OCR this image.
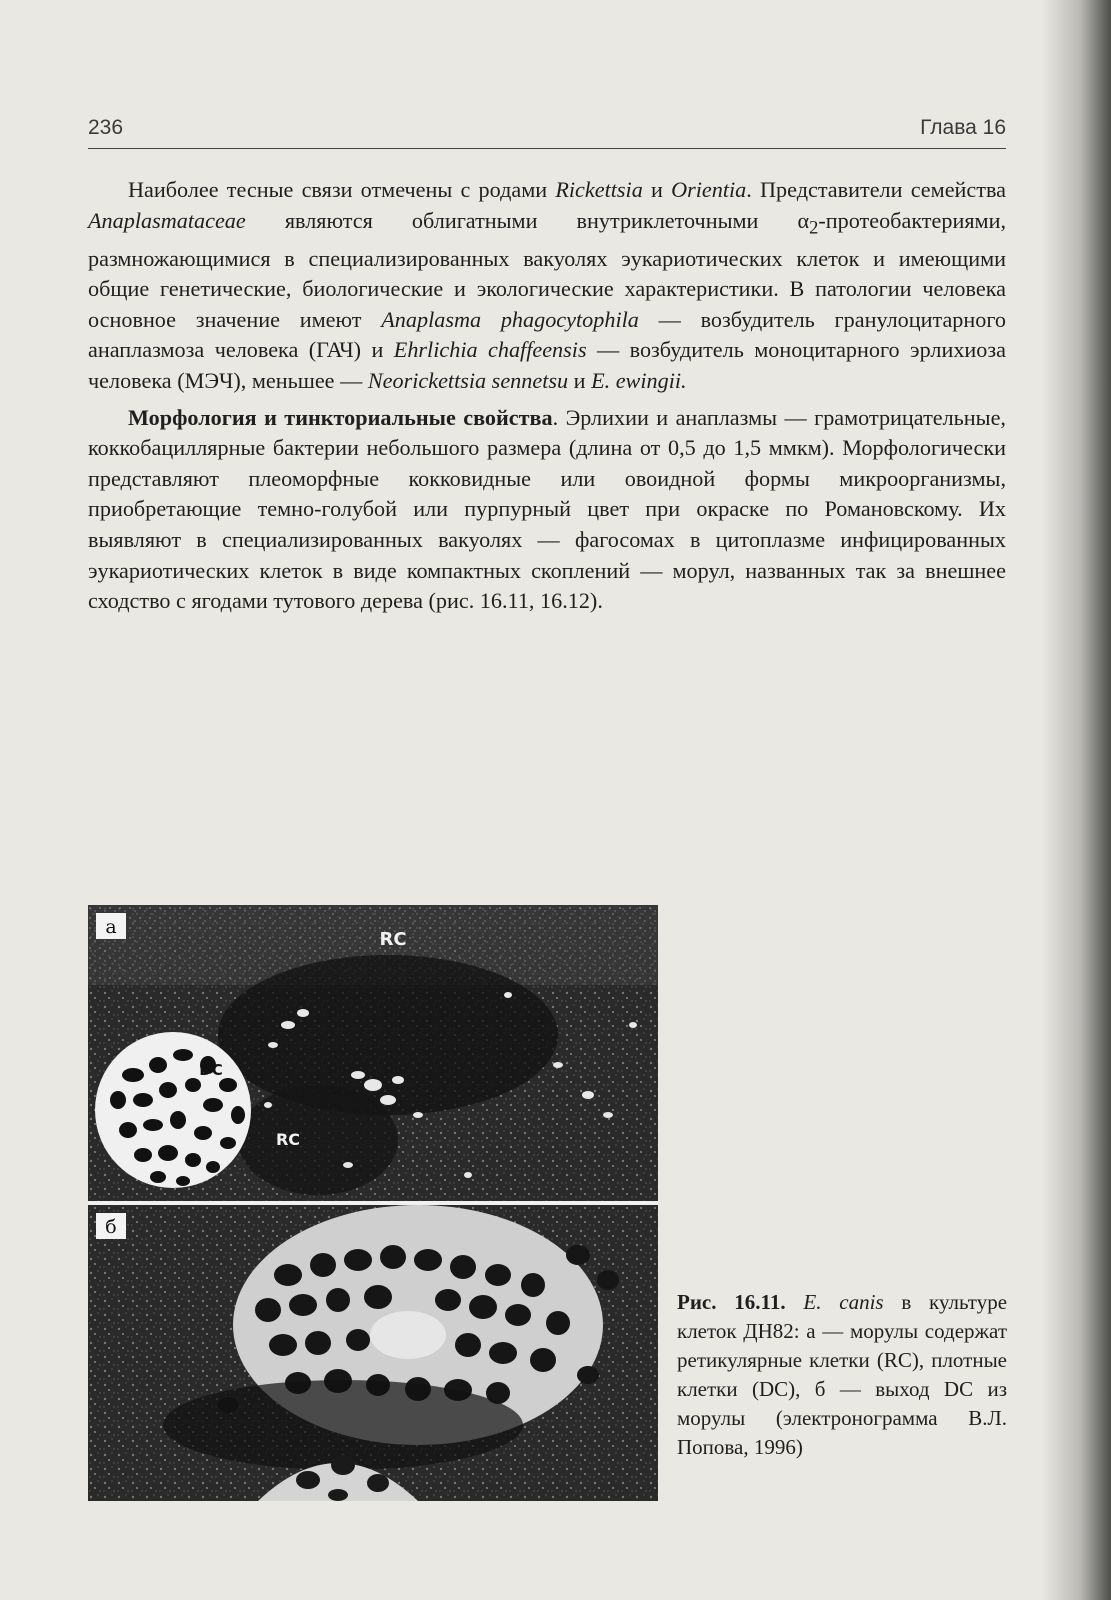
236	Глава 16

Наиболее тесные связи отмечены с родами Rickettsia и Orientia. Представители семейства Anaplasmataceae являются облигатными внутриклеточными $\alpha_2$-протеобактериями, размножающимися в специализированных вакуолях эукариотических клеток и имеющими общие генетические, биологические и экологические характеристики. В патологии человека основное значение имеют Anaplasma phagocytophila — возбудитель гранулоцитарного анаплазмоза человека (ГАЧ) и Ehrlichia chaffeensis — возбудитель моноцитарного эрлихиоза человека (МЭЧ), меньшее — Neorickettsia sennetsu и E. ewingii.

Морфология и тинкториальные свойства. Эрлихии и анаплазмы — грамотрицательные, коккобациллярные бактерии небольшого размера (длина от 0,5 до 1,5 ммкм). Морфологически представляют плеоморфные кокковидные или овоидной формы микроорганизмы, приобретающие темно-голубой или пурпурный цвет при окраске по Романовскому. Их выявляют в специализированных вакуолях — фагосомах в цитоплазме инфицированных эукариотических клеток в виде компактных скоплений — морул, названных так за внешнее сходство с ягодами тутового дерева (рис. 16.11, 16.12).

а
RC
DC
RC
б
Рис. 16.11. E. canis в культуре клеток ДН82: а — морулы содержат ретикулярные клетки (RC), плотные клетки (DC), б — выход DC из морулы (электронограмма В.Л. Попова, 1996)
